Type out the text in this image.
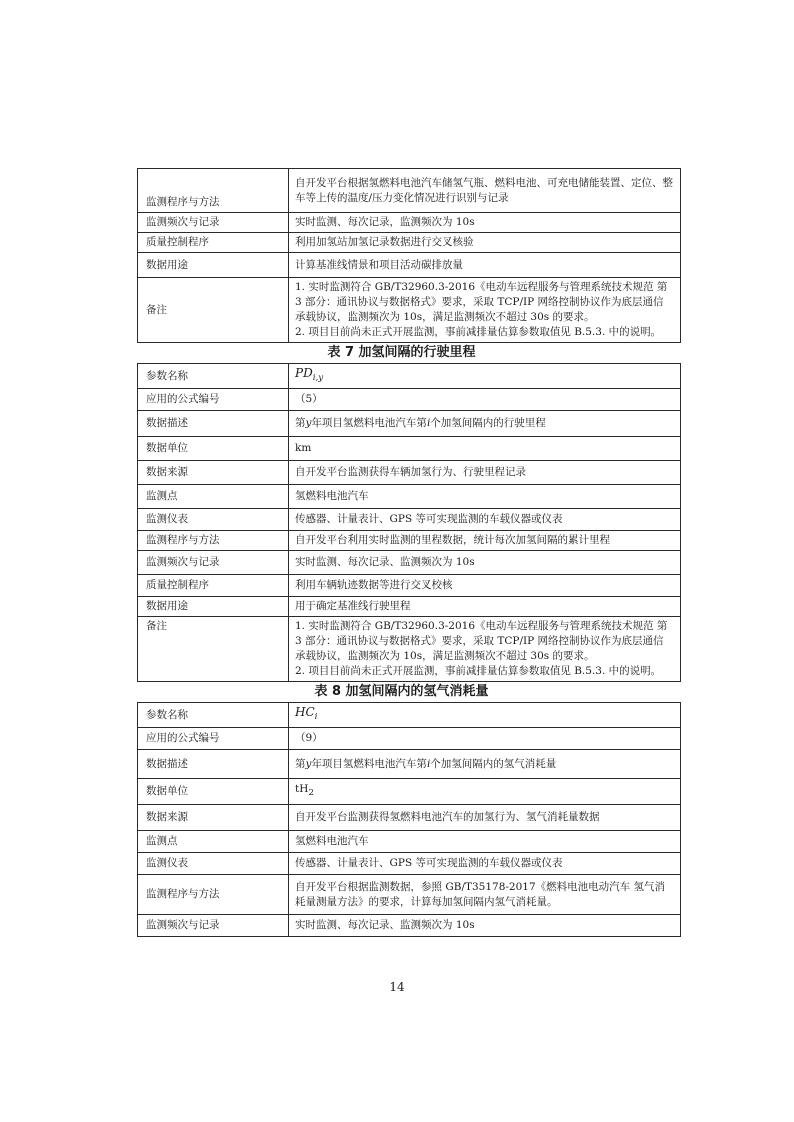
监测程序与方法	自开发平台根据氢燃料电池汽车储氢气瓶、燃料电池、可充电储能装置、定位、整车等上传的温度/压力变化情况进行识别与记录
监测频次与记录	实时监测、每次记录，监测频次为 10s
质量控制程序	利用加氢站加氢记录数据进行交叉核验
数据用途	计算基准线情景和项目活动碳排放量
备注	1. 实时监测符合 GB/T32960.3-2016《电动车远程服务与管理系统技术规范 第 3 部分：通讯协议与数据格式》要求，采取 TCP/IP 网络控制协议作为底层通信承载协议，监测频次为 10s，满足监测频次不超过 30s 的要求。
2. 项目目前尚未正式开展监测，事前减排量估算参数取值见 B.5.3. 中的说明。
表 7 加氢间隔的行驶里程
参数名称	$PD_{i,y}$
应用的公式编号	（5）
数据描述	第y年项目氢燃料电池汽车第i个加氢间隔内的行驶里程
数据单位	km
数据来源	自开发平台监测获得车辆加氢行为、行驶里程记录
监测点	氢燃料电池汽车
监测仪表	传感器、计量表计、GPS 等可实现监测的车载仪器或仪表
监测程序与方法	自开发平台利用实时监测的里程数据，统计每次加氢间隔的累计里程
监测频次与记录	实时监测、每次记录、监测频次为 10s
质量控制程序	利用车辆轨迹数据等进行交叉校核
数据用途	用于确定基准线行驶里程
备注	1. 实时监测符合 GB/T32960.3-2016《电动车远程服务与管理系统技术规范 第 3 部分：通讯协议与数据格式》要求，采取 TCP/IP 网络控制协议作为底层通信承载协议，监测频次为 10s，满足监测频次不超过 30s 的要求。
2. 项目目前尚未正式开展监测，事前减排量估算参数取值见 B.5.3. 中的说明。
表 8 加氢间隔内的氢气消耗量
参数名称	$HC_i$
应用的公式编号	（9）
数据描述	第y年项目氢燃料电池汽车第i个加氢间隔内的氢气消耗量
数据单位	$tH_2$
数据来源	自开发平台监测获得氢燃料电池汽车的加氢行为、氢气消耗量数据
监测点	氢燃料电池汽车
监测仪表	传感器、计量表计、GPS 等可实现监测的车载仪器或仪表
监测程序与方法	自开发平台根据监测数据，参照 GB/T35178-2017《燃料电池电动汽车 氢气消耗量测量方法》的要求，计算每加氢间隔内氢气消耗量。
监测频次与记录	实时监测、每次记录、监测频次为 10s
14
